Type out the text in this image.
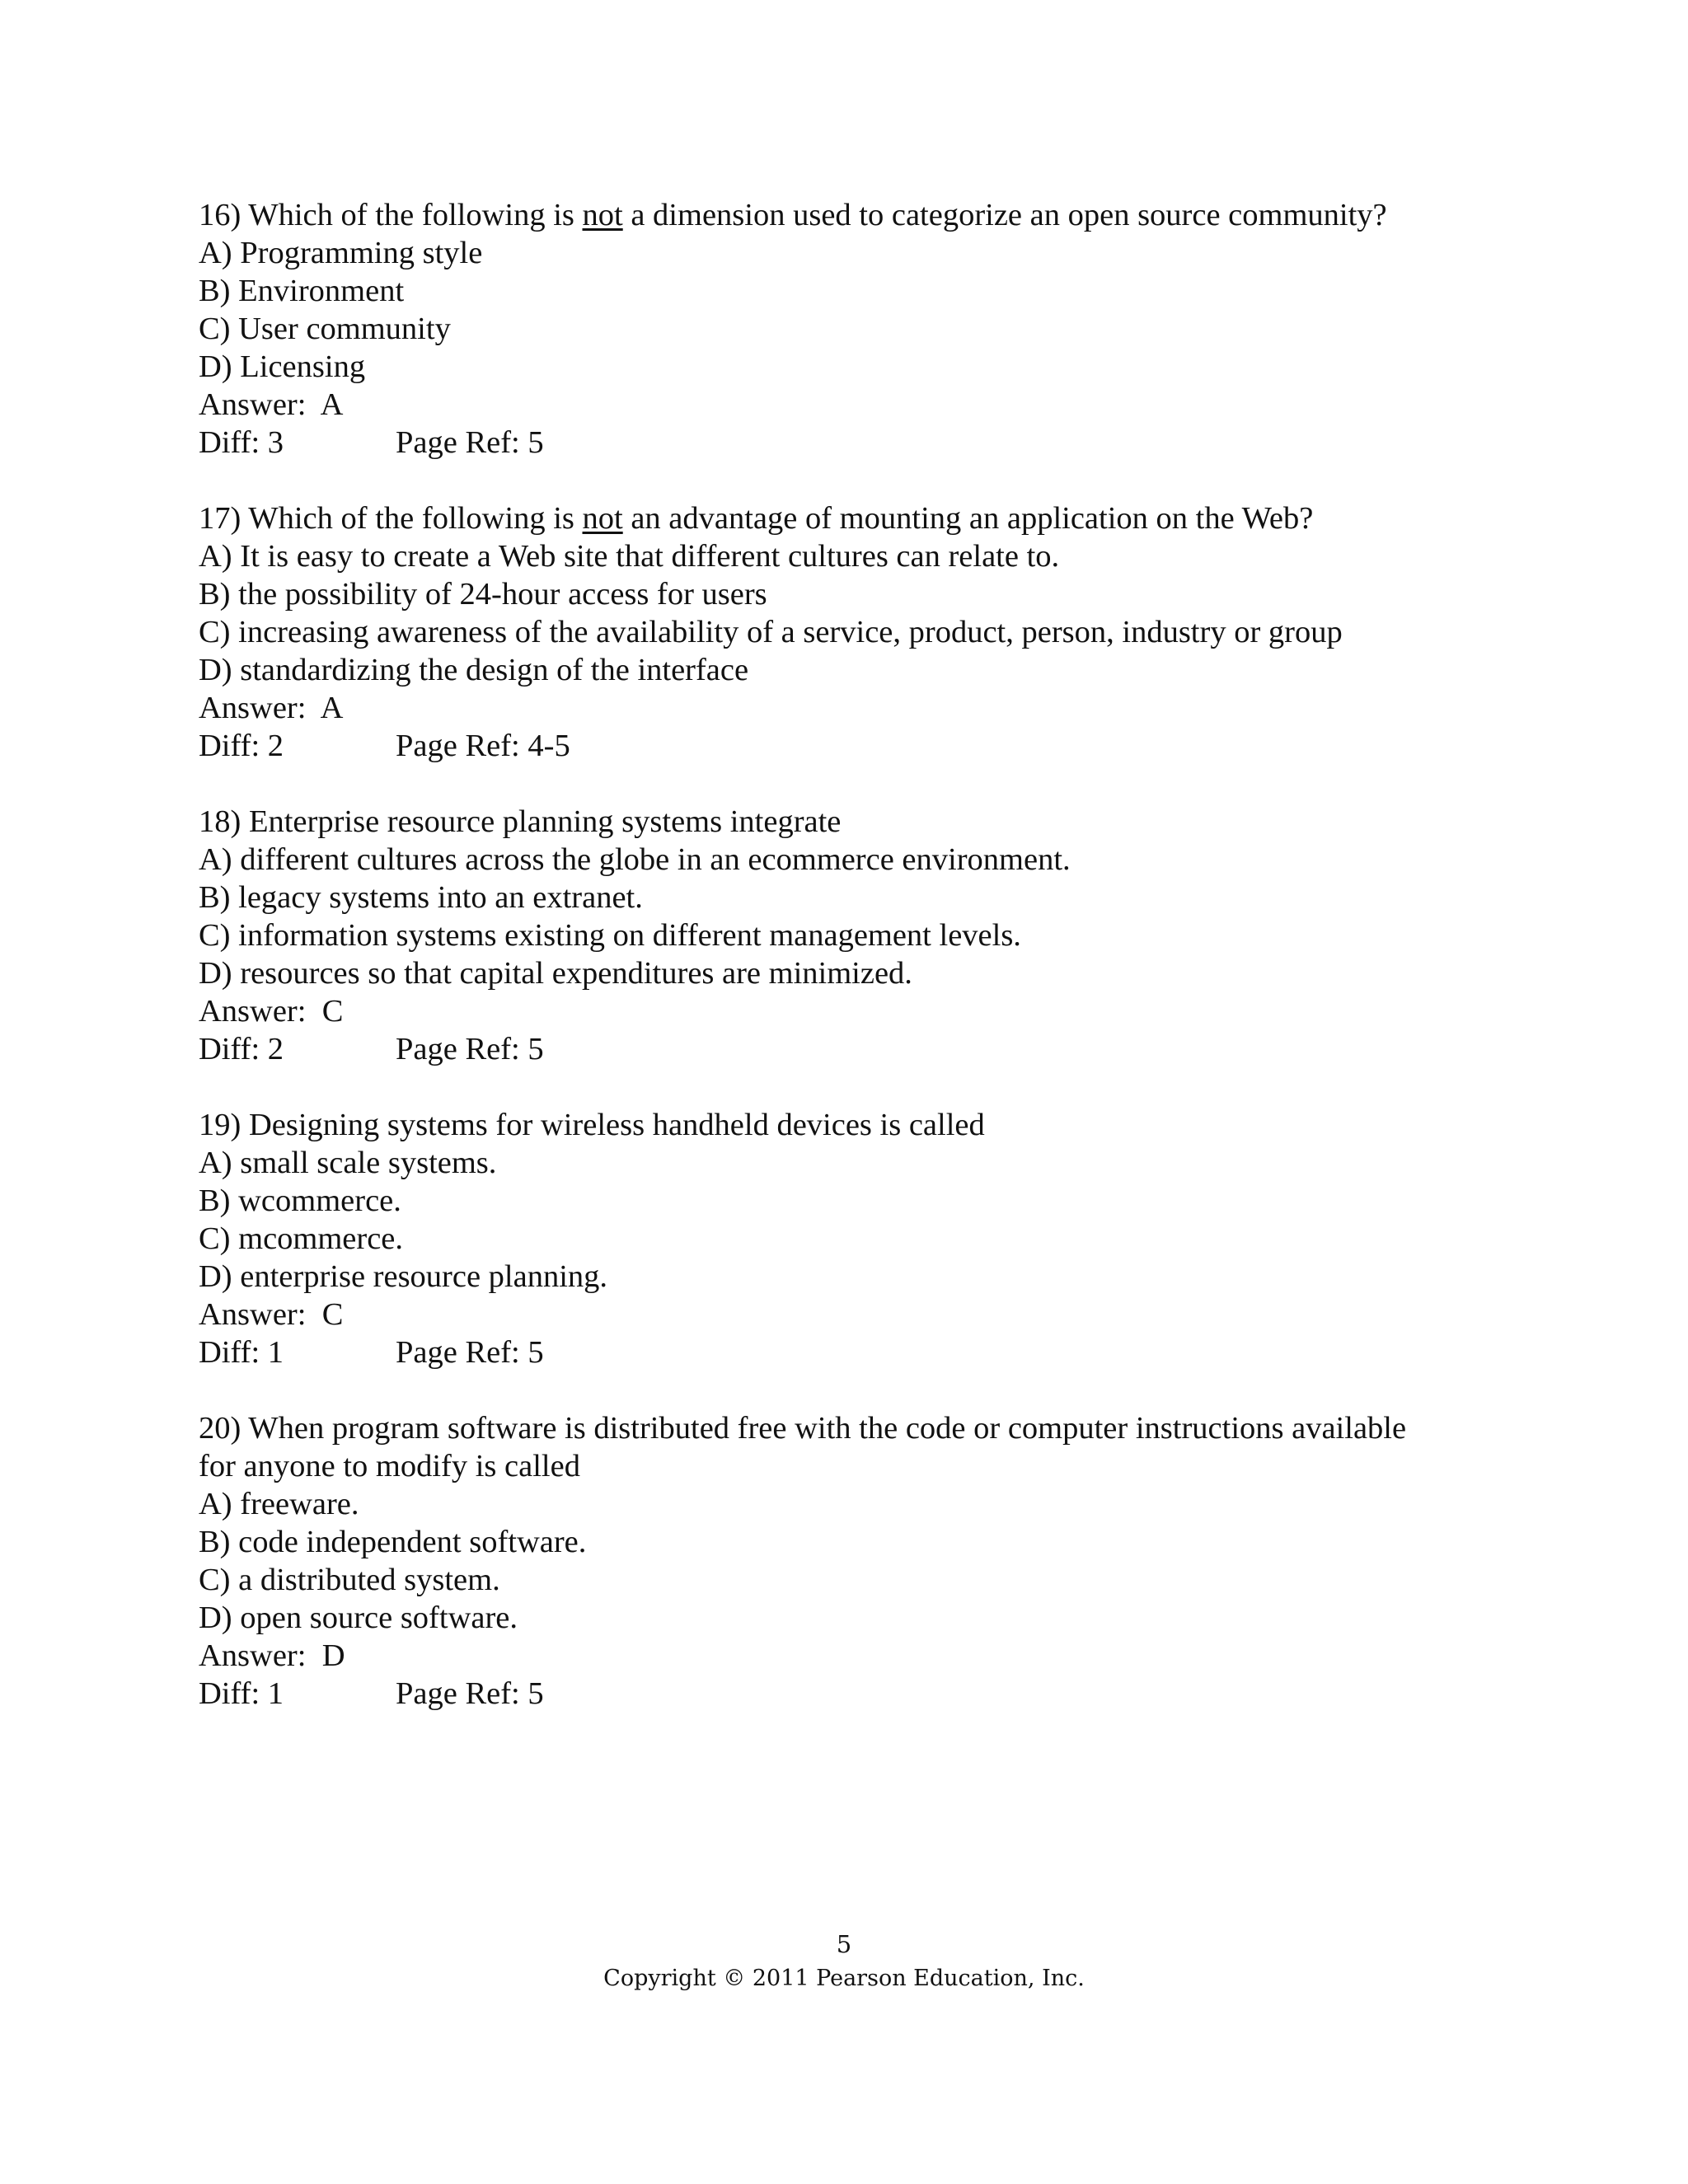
16) Which of the following is not a dimension used to categorize an open source community?
A) Programming style
B) Environment
C) User community
D) Licensing
Answer:  A
Diff: 3	Page Ref: 5
17) Which of the following is not an advantage of mounting an application on the Web?
A) It is easy to create a Web site that different cultures can relate to.
B) the possibility of 24-hour access for users
C) increasing awareness of the availability of a service, product, person, industry or group
D) standardizing the design of the interface
Answer:  A
Diff: 2	Page Ref: 4-5
18) Enterprise resource planning systems integrate
A) different cultures across the globe in an ecommerce environment.
B) legacy systems into an extranet.
C) information systems existing on different management levels.
D) resources so that capital expenditures are minimized.
Answer:  C
Diff: 2	Page Ref: 5
19) Designing systems for wireless handheld devices is called
A) small scale systems.
B) wcommerce.
C) mcommerce.
D) enterprise resource planning.
Answer:  C
Diff: 1	Page Ref: 5
20) When program software is distributed free with the code or computer instructions available
for anyone to modify is called
A) freeware.
B) code independent software.
C) a distributed system.
D) open source software.
Answer:  D
Diff: 1	Page Ref: 5
5
Copyright © 2011 Pearson Education, Inc.
